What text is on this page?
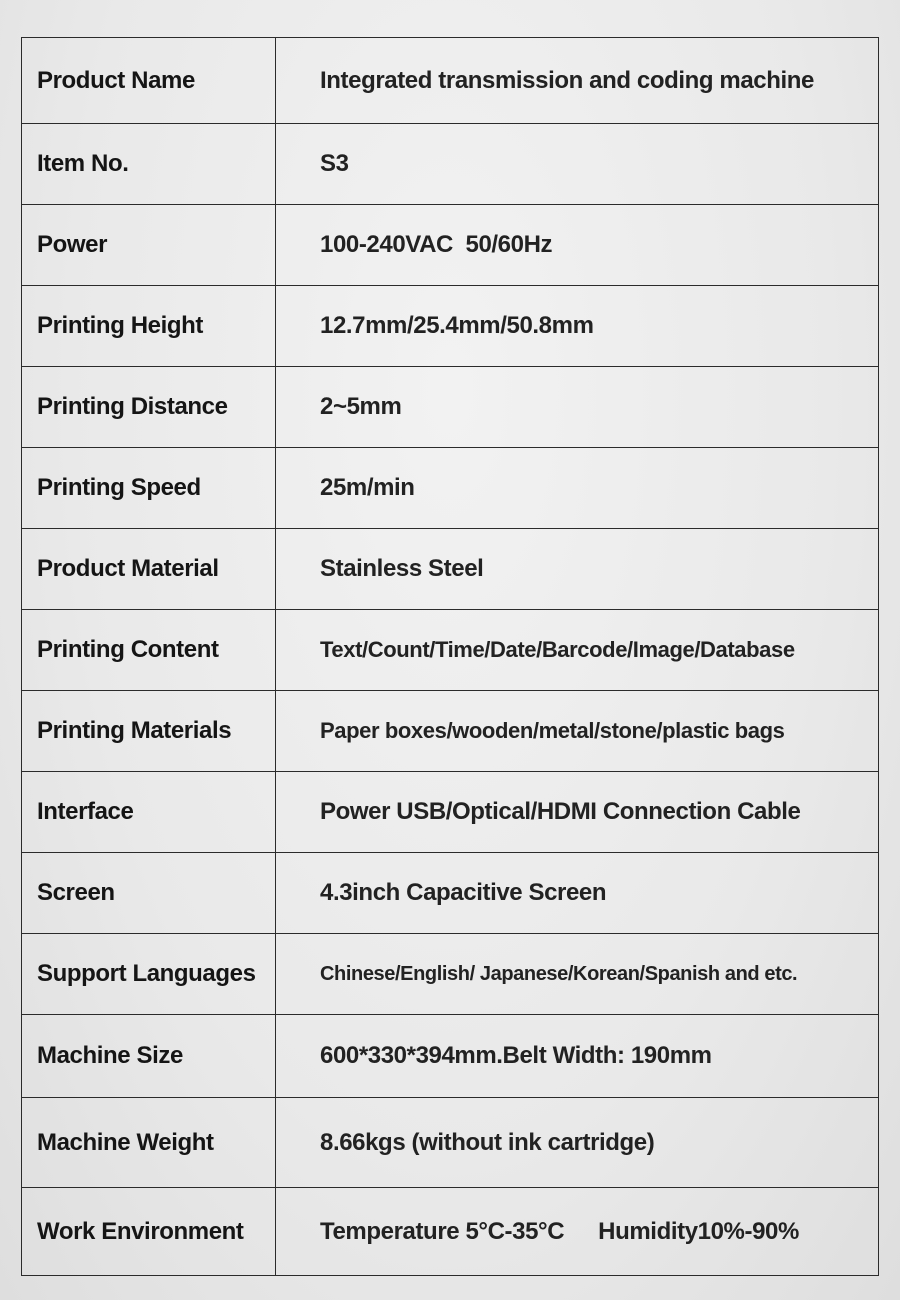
Product Name	Integrated transmission and coding machine
Item No.	S3
Power	100-240VAC  50/60Hz
Printing Height	12.7mm/25.4mm/50.8mm
Printing Distance	2~5mm
Printing Speed	25m/min
Product Material	Stainless Steel
Printing Content	Text/Count/Time/Date/Barcode/Image/Database
Printing Materials	Paper boxes/wooden/metal/stone/plastic bags
Interface	Power USB/Optical/HDMI Connection Cable
Screen	4.3inch Capacitive Screen
Support Languages	Chinese/English/ Japanese/Korean/Spanish and etc.
Machine Size	600*330*394mm.Belt Width: 190mm
Machine Weight	8.66kgs (without ink cartridge)
Work Environment	Temperature 5°C-35°C Humidity10%-90%
